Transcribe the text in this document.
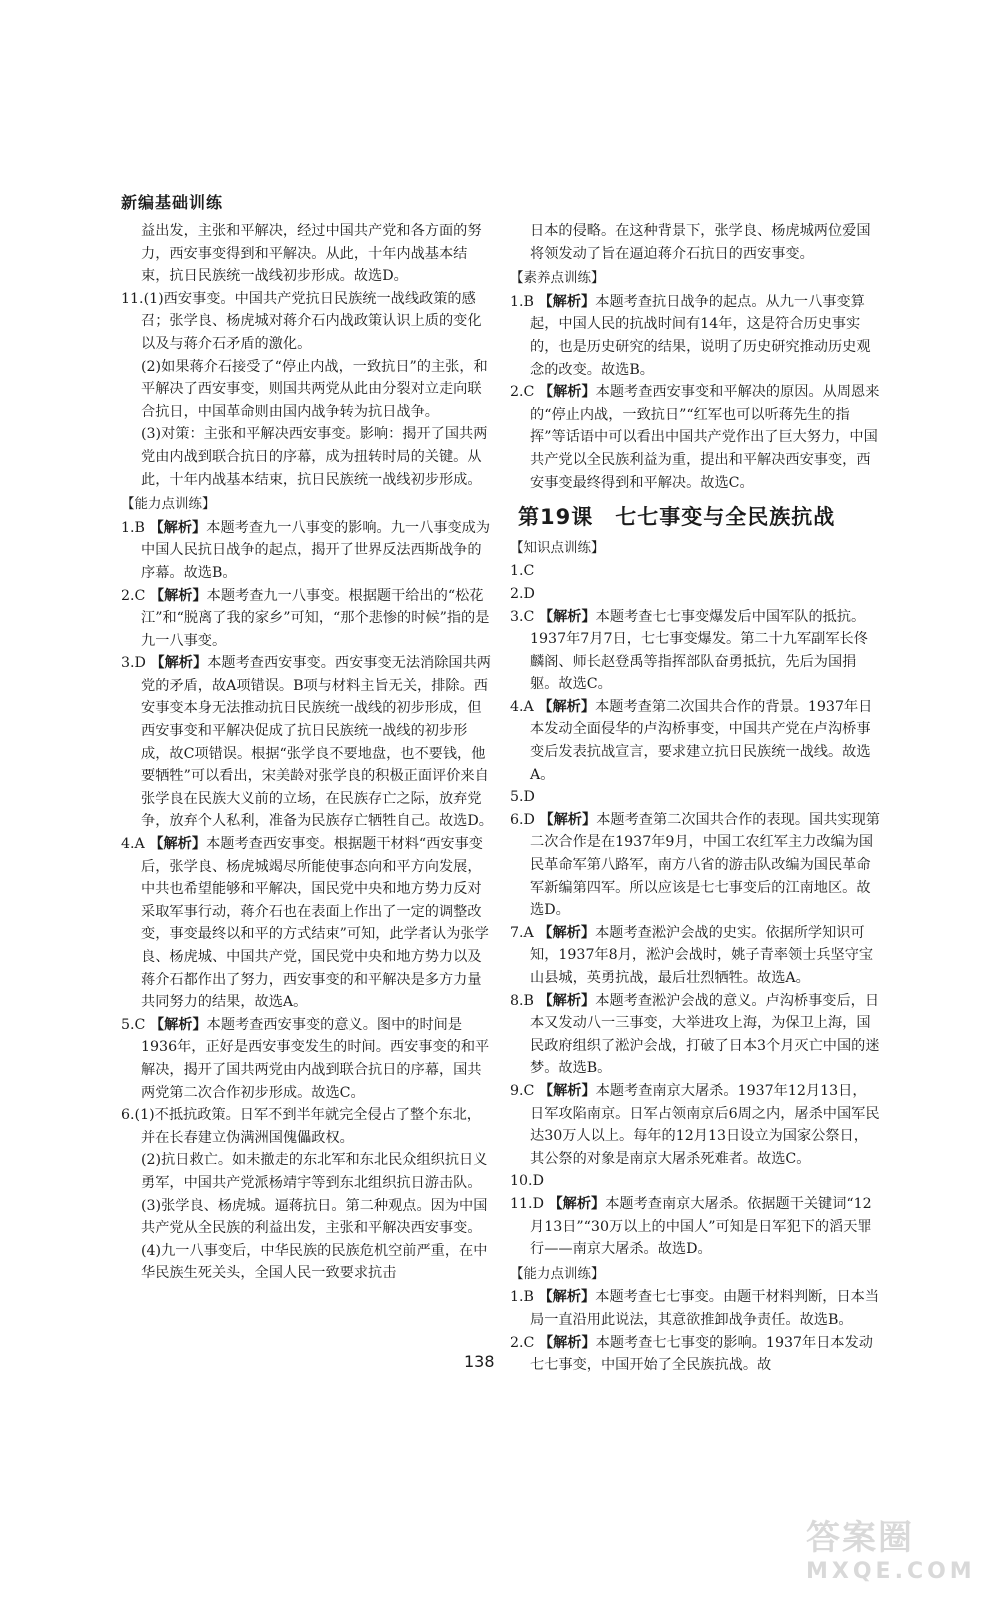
新编基础训练

益出发，主张和平解决，经过中国共产党和各方面的努力，西安事变得到和平解决。从此，十年内战基本结束，抗日民族统一战线初步形成。故选D。

11.(1)西安事变。中国共产党抗日民族统一战线政策的感召；张学良、杨虎城对蒋介石内战政策认识上质的变化以及与蒋介石矛盾的激化。

(2)如果蒋介石接受了“停止内战，一致抗日”的主张，和平解决了西安事变，则国共两党从此由分裂对立走向联合抗日，中国革命则由国内战争转为抗日战争。

(3)对策：主张和平解决西安事变。影响：揭开了国共两党由内战到联合抗日的序幕，成为扭转时局的关键。从此，十年内战基本结束，抗日民族统一战线初步形成。

【能力点训练】

1.B 【解析】本题考查九一八事变的影响。九一八事变成为中国人民抗日战争的起点，揭开了世界反法西斯战争的序幕。故选B。

2.C 【解析】本题考查九一八事变。根据题干给出的“松花江”和“脱离了我的家乡”可知，“那个悲惨的时候”指的是九一八事变。

3.D 【解析】本题考查西安事变。西安事变无法消除国共两党的矛盾，故A项错误。B项与材料主旨无关，排除。西安事变本身无法推动抗日民族统一战线的初步形成，但西安事变和平解决促成了抗日民族统一战线的初步形成，故C项错误。根据“张学良不要地盘，也不要钱，他要牺牲”可以看出，宋美龄对张学良的积极正面评价来自张学良在民族大义前的立场，在民族存亡之际，放弃党争，放弃个人私利，准备为民族存亡牺牲自己。故选D。

4.A 【解析】本题考查西安事变。根据题干材料“西安事变后，张学良、杨虎城竭尽所能使事态向和平方向发展，中共也希望能够和平解决，国民党中央和地方势力反对采取军事行动，蒋介石也在表面上作出了一定的调整改变，事变最终以和平的方式结束”可知，此学者认为张学良、杨虎城、中国共产党，国民党中央和地方势力以及蒋介石都作出了努力，西安事变的和平解决是多方力量共同努力的结果，故选A。

5.C 【解析】本题考查西安事变的意义。图中的时间是1936年，正好是西安事变发生的时间。西安事变的和平解决，揭开了国共两党由内战到联合抗日的序幕，国共两党第二次合作初步形成。故选C。

6.(1)不抵抗政策。日军不到半年就完全侵占了整个东北，并在长春建立伪满洲国傀儡政权。

(2)抗日救亡。如未撤走的东北军和东北民众组织抗日义勇军，中国共产党派杨靖宇等到东北组织抗日游击队。

(3)张学良、杨虎城。逼蒋抗日。第二种观点。因为中国共产党从全民族的利益出发，主张和平解决西安事变。

(4)九一八事变后，中华民族的民族危机空前严重，在中华民族生死关头，全国人民一致要求抗击

日本的侵略。在这种背景下，张学良、杨虎城两位爱国将领发动了旨在逼迫蒋介石抗日的西安事变。

【素养点训练】

1.B 【解析】本题考查抗日战争的起点。从九一八事变算起，中国人民的抗战时间有14年，这是符合历史事实的，也是历史研究的结果，说明了历史研究推动历史观念的改变。故选B。

2.C 【解析】本题考查西安事变和平解决的原因。从周恩来的“停止内战，一致抗日”“红军也可以听蒋先生的指挥”等话语中可以看出中国共产党作出了巨大努力，中国共产党以全民族利益为重，提出和平解决西安事变，西安事变最终得到和平解决。故选C。

第19课　七七事变与全民族抗战

【知识点训练】

1.C

2.D

3.C 【解析】本题考查七七事变爆发后中国军队的抵抗。1937年7月7日，七七事变爆发。第二十九军副军长佟麟阁、师长赵登禹等指挥部队奋勇抵抗，先后为国捐躯。故选C。

4.A 【解析】本题考查第二次国共合作的背景。1937年日本发动全面侵华的卢沟桥事变，中国共产党在卢沟桥事变后发表抗战宣言，要求建立抗日民族统一战线。故选A。

5.D

6.D 【解析】本题考查第二次国共合作的表现。国共实现第二次合作是在1937年9月，中国工农红军主力改编为国民革命军第八路军，南方八省的游击队改编为国民革命军新编第四军。所以应该是七七事变后的江南地区。故选D。

7.A 【解析】本题考查淞沪会战的史实。依据所学知识可知，1937年8月，淞沪会战时，姚子青率领士兵坚守宝山县城，英勇抗战，最后壮烈牺牲。故选A。

8.B 【解析】本题考查淞沪会战的意义。卢沟桥事变后，日本又发动八一三事变，大举进攻上海，为保卫上海，国民政府组织了淞沪会战，打破了日本3个月灭亡中国的迷梦。故选B。

9.C 【解析】本题考查南京大屠杀。1937年12月13日，日军攻陷南京。日军占领南京后6周之内，屠杀中国军民达30万人以上。每年的12月13日设立为国家公祭日，其公祭的对象是南京大屠杀死难者。故选C。

10.D

11.D 【解析】本题考查南京大屠杀。依据题干关键词“12月13日”“30万以上的中国人”可知是日军犯下的滔天罪行——南京大屠杀。故选D。

【能力点训练】

1.B 【解析】本题考查七七事变。由题干材料判断，日本当局一直沿用此说法，其意欲推卸战争责任。故选B。

2.C 【解析】本题考查七七事变的影响。1937年日本发动七七事变，中国开始了全民族抗战。故

138
答案圈
MXQE.COM
